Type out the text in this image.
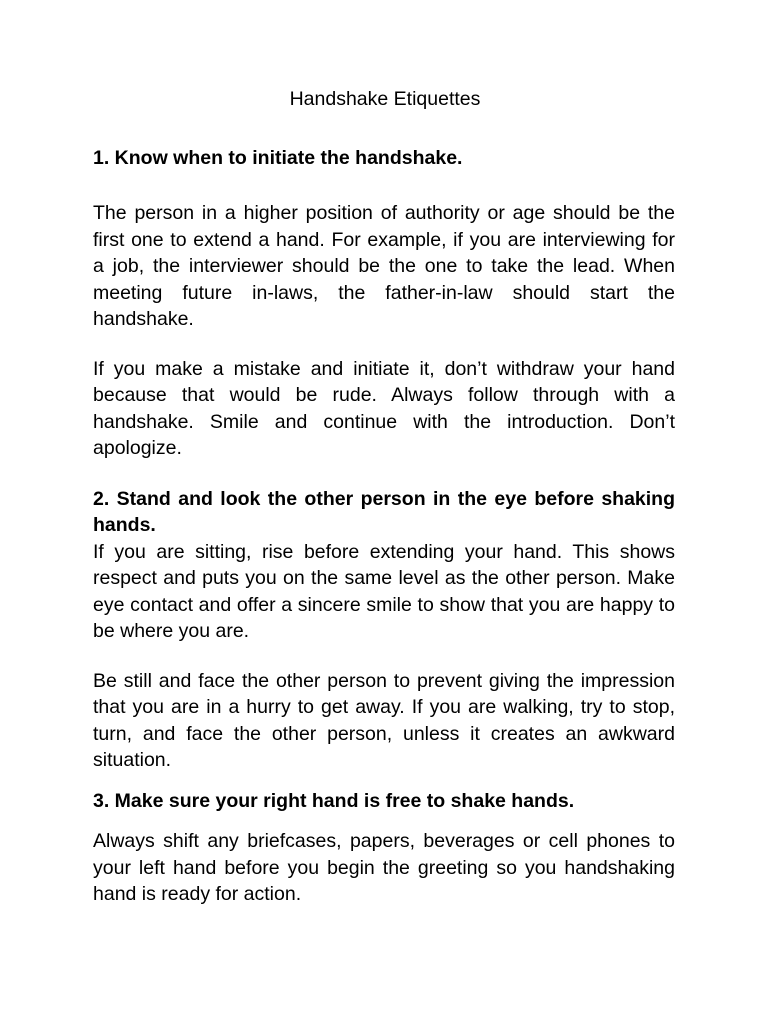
Handshake Etiquettes
1. Know when to initiate the handshake.

The person in a higher position of authority or age should be the first one to extend a hand. For example, if you are interviewing for a job, the interviewer should be the one to take the lead. When meeting future in-laws, the father-in-law should start the handshake.

If you make a mistake and initiate it, don’t withdraw your hand because that would be rude. Always follow through with a handshake. Smile and continue with the introduction. Don’t apologize.

2. Stand and look the other person in the eye before shaking hands.

If you are sitting, rise before extending your hand. This shows respect and puts you on the same level as the other person. Make eye contact and offer a sincere smile to show that you are happy to be where you are.

Be still and face the other person to prevent giving the impression that you are in a hurry to get away. If you are walking, try to stop, turn, and face the other person, unless it creates an awkward situation.

3. Make sure your right hand is free to shake hands.

Always shift any briefcases, papers, beverages or cell phones to your left hand before you begin the greeting so you handshaking hand is ready for action.
